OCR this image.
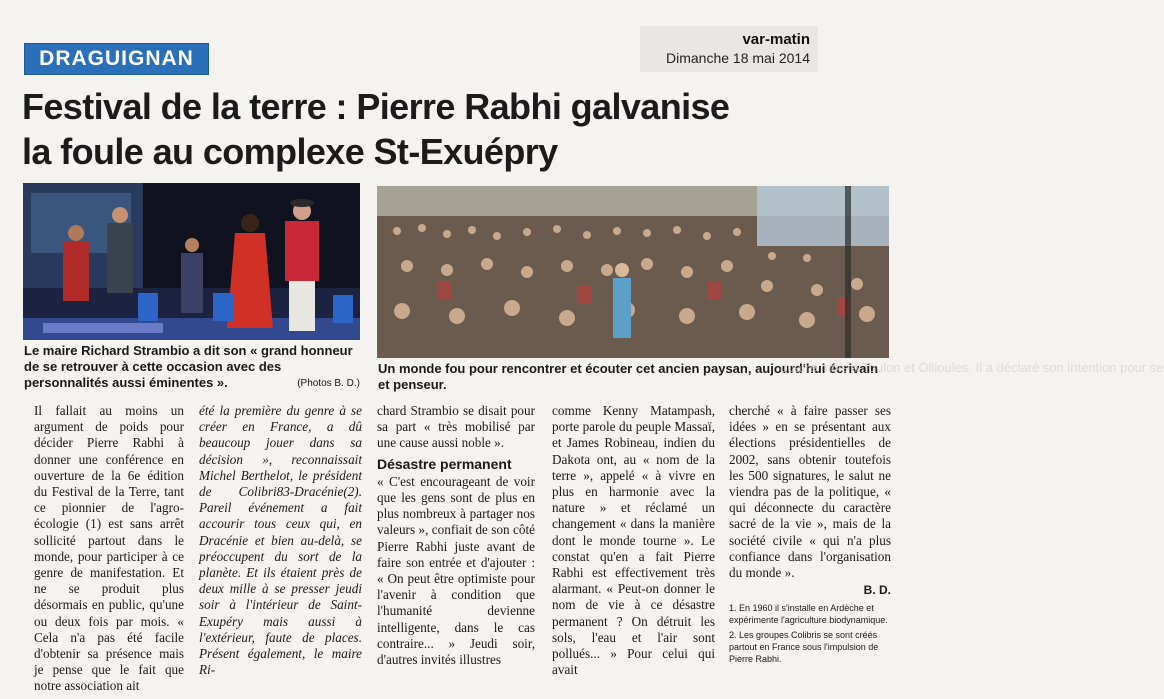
DRAGUIGNAN
var-matin
Dimanche 18 mai 2014
Festival de la terre : Pierre Rabhi galvanise
la foule au complexe St-Exuépry
Le maire Richard Strambio a dit son « grand honneur de se retrouver à cette occasion avec des personnalités aussi éminentes ».	(Photos B. D.)
Un monde fou pour rencontrer et écouter cet ancien paysan, aujourd'hui écrivain et penseur.
quatre mois à Toulon et Ollioules. Il a déclaré son intention pour se

Il fallait au moins un argument de poids pour décider Pierre Rabhi à donner une conférence en ouverture de la 6e édition du Festival de la Terre, tant ce pionnier de l'agro-écologie (1) est sans arrêt sollicité partout dans le monde, pour participer à ce genre de manifestation. Et ne se produit plus désormais en public, qu'une ou deux fois par mois. « Cela n'a pas été facile d'obtenir sa présence mais je pense que le fait que notre association ait

été la première du genre à se créer en France, a dû beaucoup jouer dans sa décision », reconnaissait Michel Berthelot, le président de Colibri83-Dracénie(2). Pareil événement a fait accourir tous ceux qui, en Dracénie et bien au-delà, se préoccupent du sort de la planète. Et ils étaient près de deux mille à se presser jeudi soir à l'intérieur de Saint-Exupéry mais aussi à l'extérieur, faute de places. Présent également, le maire Ri-

chard Strambio se disait pour sa part « très mobilisé par une cause aussi noble ».

Désastre permanent

« C'est encourageant de voir que les gens sont de plus en plus nombreux à partager nos valeurs », confiait de son côté Pierre Rabhi juste avant de faire son entrée et d'ajouter : « On peut être optimiste pour l'avenir à condition que l'humanité devienne intelligente, dans le cas contraire... » Jeudi soir, d'autres invités illustres

comme Kenny Matampash, porte parole du peuple Massaï, et James Robineau, indien du Dakota ont, au « nom de la terre », appelé « à vivre en plus en harmonie avec la nature » et réclamé un changement « dans la manière dont le monde tourne ». Le constat qu'en a fait Pierre Rabhi est effectivement très alarmant. « Peut-on donner le nom de vie à ce désastre permanent ? On détruit les sols, l'eau et l'air sont pollués... » Pour celui qui avait

cherché « à faire passer ses idées » en se présentant aux élections présidentielles de 2002, sans obtenir toutefois les 500 signatures, le salut ne viendra pas de la politique, « qui déconnecte du caractère sacré de la vie », mais de la société civile « qui n'a plus confiance dans l'organisation du monde ».

B. D.
1. En 1960 il s'installe en Ardèche et expérimente l'agriculture biodynamique.
2. Les groupes Colibris se sont créés partout en France sous l'impulsion de Pierre Rabhi.
